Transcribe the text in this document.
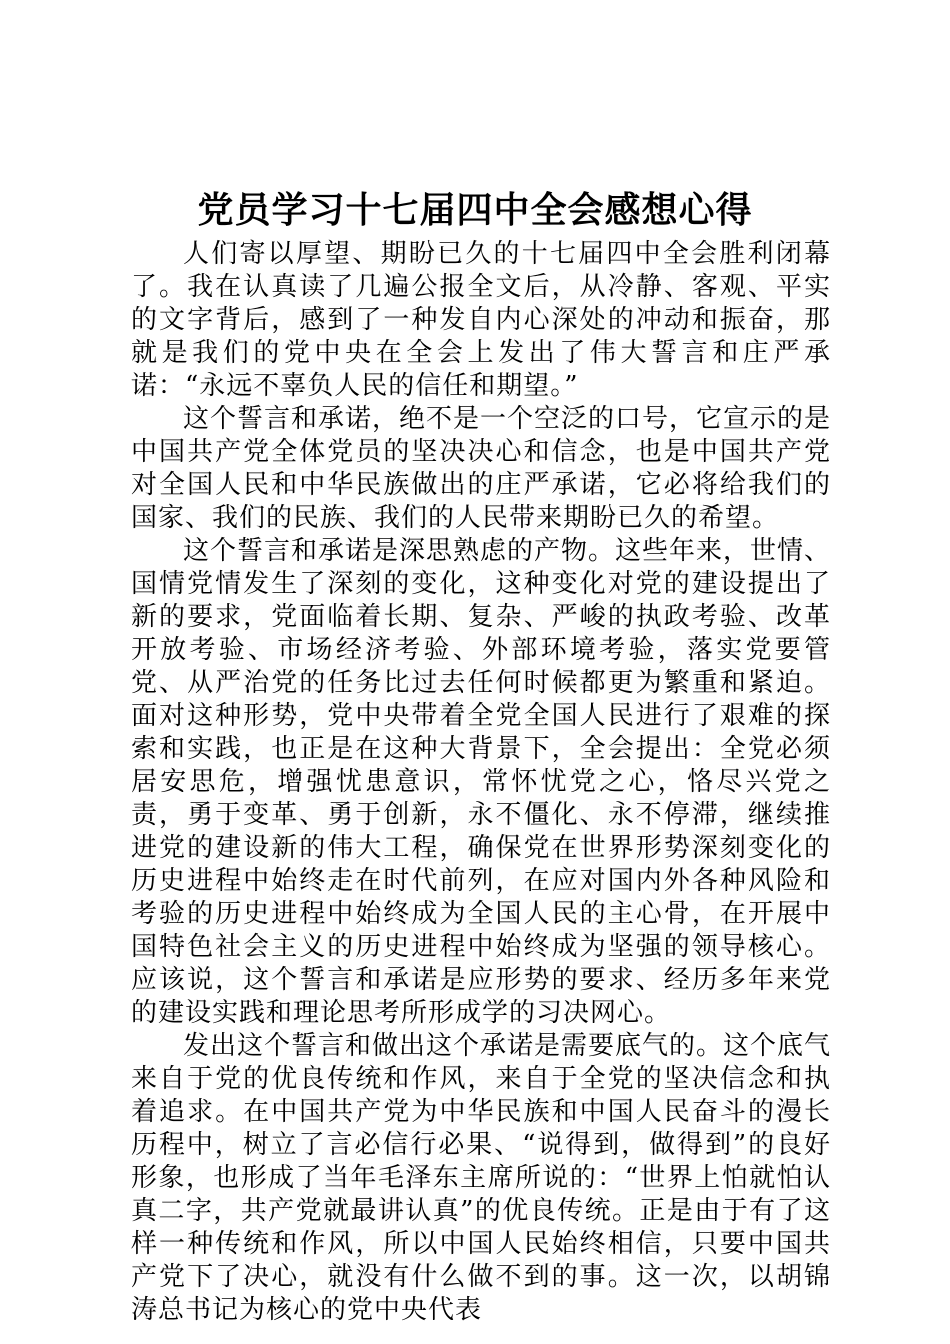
党员学习十七届四中全会感想心得

人们寄以厚望、期盼已久的十七届四中全会胜利闭幕了。我在认真读了几遍公报全文后，从冷静、客观、平实的文字背后，感到了一种发自内心深处的冲动和振奋，那就是我们的党中央在全会上发出了伟大誓言和庄严承诺：“永远不辜负人民的信任和期望。”

这个誓言和承诺，绝不是一个空泛的口号，它宣示的是中国共产党全体党员的坚决决心和信念，也是中国共产党对全国人民和中华民族做出的庄严承诺，它必将给我们的国家、我们的民族、我们的人民带来期盼已久的希望。

这个誓言和承诺是深思熟虑的产物。这些年来，世情、国情党情发生了深刻的变化，这种变化对党的建设提出了新的要求，党面临着长期、复杂、严峻的执政考验、改革开放考验、市场经济考验、外部环境考验，落实党要管党、从严治党的任务比过去任何时候都更为繁重和紧迫。面对这种形势，党中央带着全党全国人民进行了艰难的探索和实践，也正是在这种大背景下，全会提出：全党必须居安思危，增强忧患意识，常怀忧党之心，恪尽兴党之责，勇于变革、勇于创新，永不僵化、永不停滞，继续推进党的建设新的伟大工程，确保党在世界形势深刻变化的历史进程中始终走在时代前列，在应对国内外各种风险和考验的历史进程中始终成为全国人民的主心骨，在开展中国特色社会主义的历史进程中始终成为坚强的领导核心。应该说，这个誓言和承诺是应形势的要求、经历多年来党的建设实践和理论思考所形成学的习决网心。

发出这个誓言和做出这个承诺是需要底气的。这个底气来自于党的优良传统和作风，来自于全党的坚决信念和执着追求。在中国共产党为中华民族和中国人民奋斗的漫长历程中，树立了言必信行必果、“说得到，做得到”的良好形象，也形成了当年毛泽东主席所说的：“世界上怕就怕认真二字，共产党就最讲认真”的优良传统。正是由于有了这样一种传统和作风，所以中国人民始终相信，只要中国共产党下了决心，就没有什么做不到的事。这一次，以胡锦涛总书记为核心的党中央代表
